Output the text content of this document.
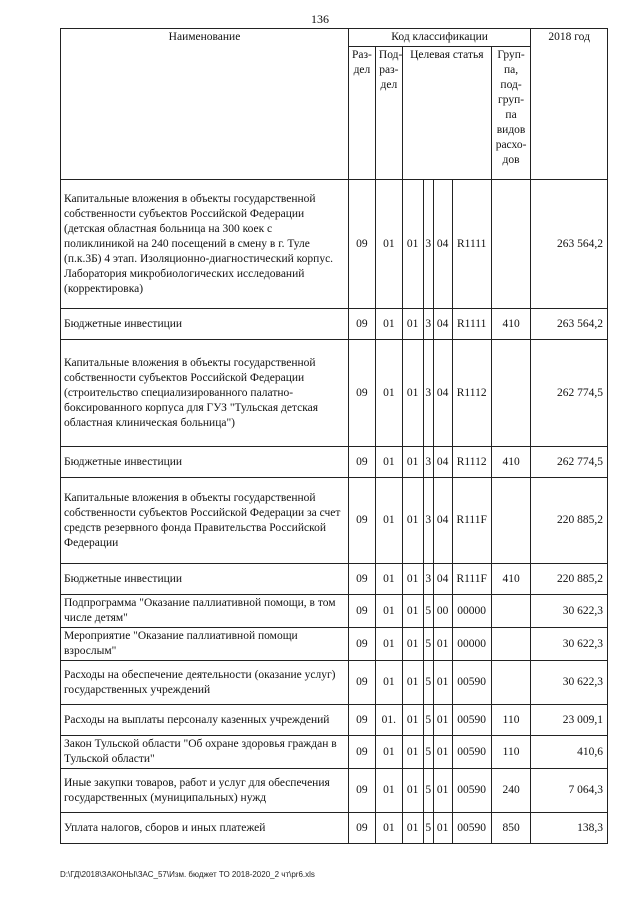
136
Наименование	Код классификации							2018 год
	Раз-дел	Под-раз-дел	Целевая статья				Груп-па, под-груп-па видов расхо-дов	
Капитальные вложения в объекты государственной собственности субъектов Российской Федерации (детская областная больница на 300 коек с поликлиникой на 240 посещений в смену в г. Туле (п.к.3Б) 4 этап. Изоляционно-диагностический корпус. Лаборатория микробиологических исследований (корректировка)	09	01	01	3	04	R1111		263 564,2
Бюджетные инвестиции	09	01	01	3	04	R1111	410	263 564,2
Капитальные вложения в объекты государственной собственности субъектов Российской Федерации (строительство специализированного палатно-боксированного корпуса для ГУЗ "Тульская детская областная клиническая больница")	09	01	01	3	04	R1112		262 774,5
Бюджетные инвестиции	09	01	01	3	04	R1112	410	262 774,5
Капитальные вложения в объекты государственной собственности субъектов Российской Федерации за счет средств резервного фонда Правительства Российской Федерации	09	01	01	3	04	R111F		220 885,2
Бюджетные инвестиции	09	01	01	3	04	R111F	410	220 885,2
Подпрограмма "Оказание паллиативной помощи, в том числе детям"	09	01	01	5	00	00000		30 622,3
Мероприятие "Оказание паллиативной помощи взрослым"	09	01	01	5	01	00000		30 622,3
Расходы на обеспечение деятельности (оказание услуг) государственных учреждений	09	01	01	5	01	00590		30 622,3
Расходы на выплаты персоналу казенных учреждений	09	01.	01	5	01	00590	110	23 009,1
Закон Тульской области "Об охране здоровья граждан в Тульской области"	09	01	01	5	01	00590	110	410,6
Иные закупки товаров, работ и услуг для обеспечения государственных (муниципальных) нужд	09	01	01	5	01	00590	240	7 064,3
Уплата налогов, сборов и иных платежей	09	01	01	5	01	00590	850	138,3
D:\ГД\2018\ЗАКОНЫ\ЗАС_57\Изм. бюджет ТО 2018-2020_2 чт\pr6.xls
